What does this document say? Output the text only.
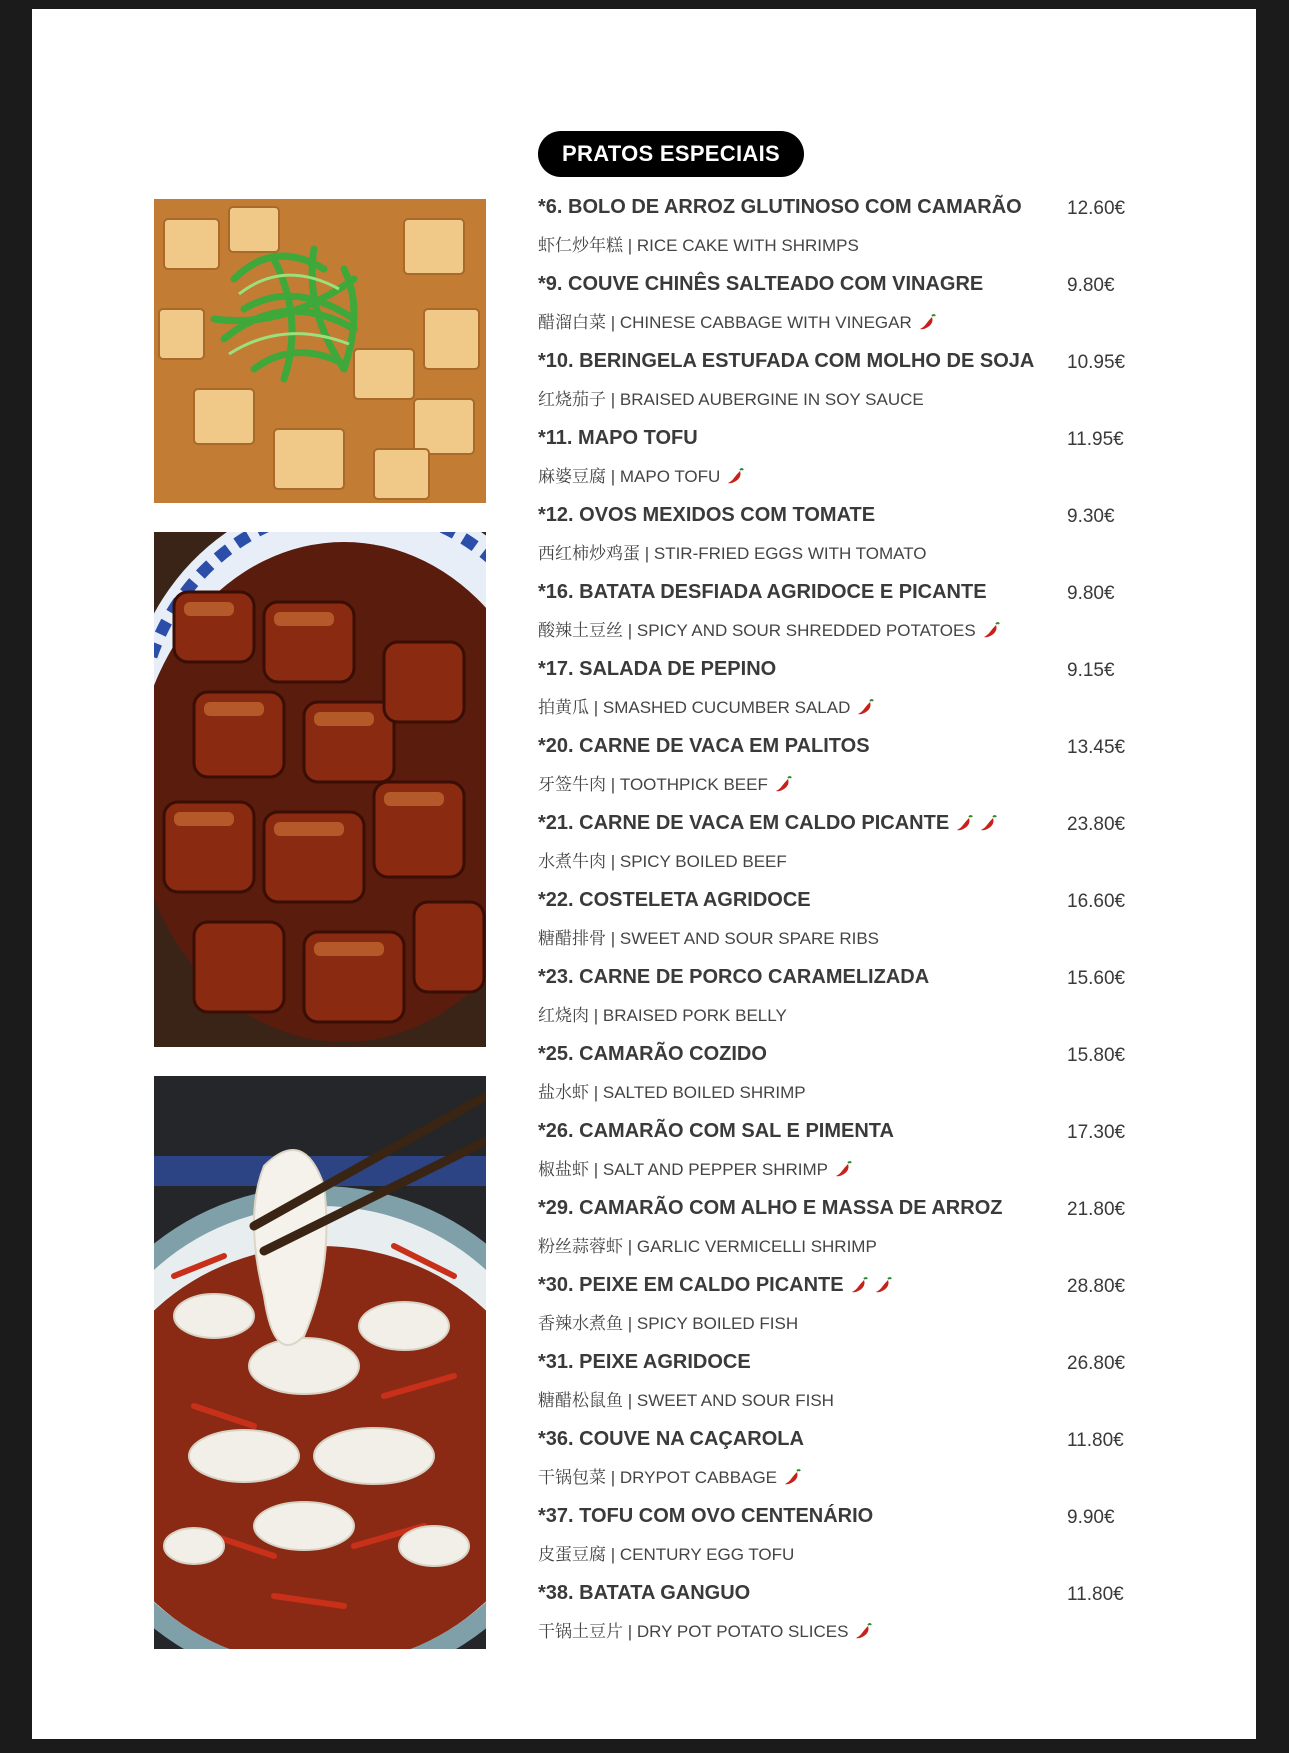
PRATOS ESPECIAIS
*6. BOLO DE ARROZ GLUTINOSO COM CAMARÃO 12.60€
虾仁炒年糕 | RICE CAKE WITH SHRIMPS
*9. COUVE CHINÊS SALTEADO COM VINAGRE	9.80€
醋溜白菜 | CHINESE CABBAGE WITH VINEGAR
*10. BERINGELA ESTUFADA COM MOLHO DE SOJA 10.95€
红烧茄子 | BRAISED AUBERGINE IN SOY SAUCE
*11. MAPO TOFU	11.95€
麻婆豆腐 | MAPO TOFU
*12. OVOS MEXIDOS COM TOMATE	9.30€
西红柿炒鸡蛋 | STIR-FRIED EGGS WITH TOMATO
*16. BATATA DESFIADA AGRIDOCE E PICANTE	9.80€
酸辣土豆丝 | SPICY AND SOUR SHREDDED POTATOES
*17. SALADA DE PEPINO	9.15€
拍黄瓜 | SMASHED CUCUMBER SALAD
*20. CARNE DE VACA EM PALITOS	13.45€
牙签牛肉 | TOOTHPICK BEEF
*21. CARNE DE VACA EM CALDO PICANTE	23.80€
水煮牛肉 | SPICY BOILED BEEF
*22. COSTELETA AGRIDOCE	16.60€
糖醋排骨 | SWEET AND SOUR SPARE RIBS
*23. CARNE DE PORCO CARAMELIZADA	15.60€
红烧肉 | BRAISED PORK BELLY
*25. CAMARÃO COZIDO	15.80€
盐水虾 | SALTED BOILED SHRIMP
*26. CAMARÃO COM SAL E PIMENTA	17.30€
椒盐虾 | SALT AND PEPPER SHRIMP
*29. CAMARÃO COM ALHO E MASSA DE ARROZ	21.80€
粉丝蒜蓉虾 | GARLIC VERMICELLI SHRIMP
*30. PEIXE EM CALDO PICANTE	28.80€
香辣水煮鱼 | SPICY BOILED FISH
*31. PEIXE AGRIDOCE	26.80€
糖醋松鼠鱼 | SWEET AND SOUR FISH
*36. COUVE NA CAÇAROLA	11.80€
干锅包菜 | DRYPOT CABBAGE
*37. TOFU COM OVO CENTENÁRIO	9.90€
皮蛋豆腐 | CENTURY EGG TOFU
*38. BATATA GANGUO	11.80€
干锅土豆片 | DRY POT POTATO SLICES
